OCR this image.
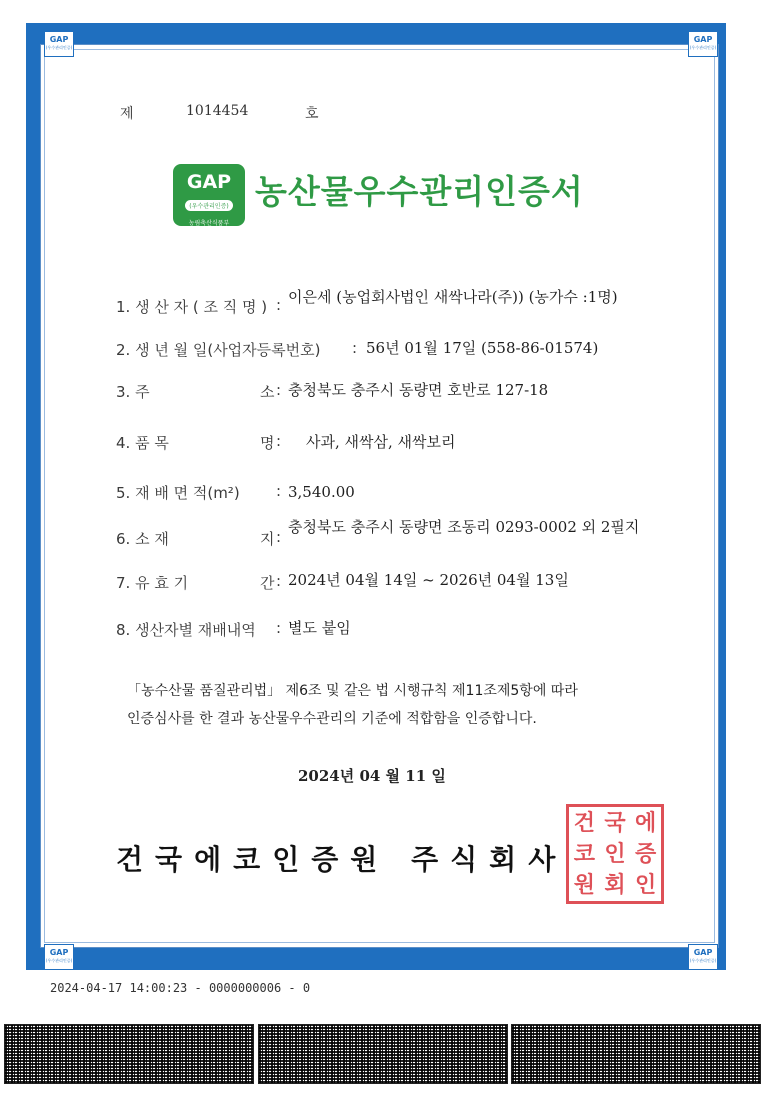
GAP
(우수관리인증)
GAP
(우수관리인증)
GAP
(우수관리인증)
GAP
(우수관리인증)
제	1014454	호
GAP
(우수관리인증)
농림축산식품부
농산물우수관리인증서
1. 생 산 자 ( 조 직 명 ) : 이은세 (농업회사법인 새싹나라(주)) (농가수 :1명)
2. 생 년 월 일(사업자등록번호) : 56년 01월 17일 (558-86-01574)
3. 주	소 : 충청북도 충주시 동량면 호반로 127-18
4. 품 목	명 : 사과, 새싹삼, 새싹보리
5. 재 배 면 적(m²) : 3,540.00
6. 소 재	지 :
충청북도 충주시 동량면 조동리 0293-0002 외 2필지
7. 유 효 기	간 : 2024년 04월 14일 ~ 2026년 04월 13일
8. 생산자별 재배내역 : 별도 붙임
「농수산물 품질관리법」 제6조 및 같은 법 시행규칙 제11조제5항에 따라
인증심사를 한 결과 농산물우수관리의 기준에 적합함을 인증합니다.
2024년 04 월 11 일
건국에코인증원 주식회사
건 국 에
코 인 증
원 회 인
2024-04-17 14:00:23 - 0000000006 - 0
